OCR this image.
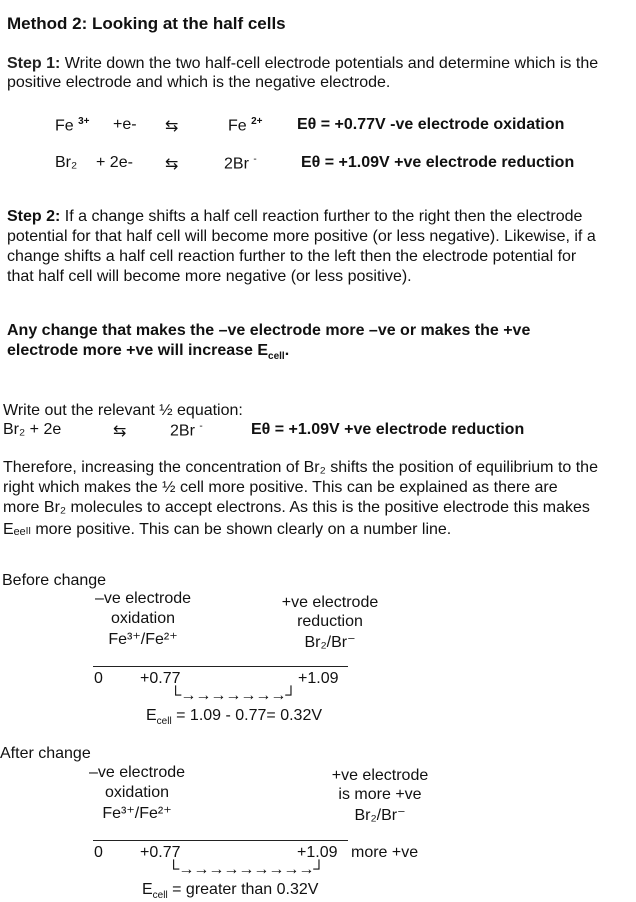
Method 2: Looking at the half cells
Step 1: Write down the two half-cell electrode potentials and determine which is the
positive electrode and which is the negative electrode.
Fe $^{3+}$ +e- ⇆	Fe $^{2+}$ Eθ = +0.77V -ve electrode oxidation
Br₂ + 2e- ⇆	2Br -	Eθ = +1.09V +ve electrode reduction
Step 2: If a change shifts a half cell reaction further to the right then the electrode
potential for that half cell will become more positive (or less negative). Likewise, if a
change shifts a half cell reaction further to the left then the electrode potential for
that half cell will become more negative (or less positive).
Any change that makes the –ve electrode more –ve or makes the +ve
electrode more +ve will increase $E_{cell}$.
Write out the relevant ½ equation:
Br₂ + 2e	⇆	2Br -	Eθ = +1.09V +ve electrode reduction
Therefore, increasing the concentration of Br₂ shifts the position of equilibrium to the
right which makes the ½ cell more positive. This can be explained as there are
more Br₂ molecules to accept electrons. As this is the positive electrode this makes
Eₑₑₗₗ more positive. This can be shown clearly on a number line.
Before change
–ve electrode
oxidation
Fe³⁺/Fe²⁺
+ve electrode
reduction
Br₂/Br⁻
0 +0.77	+1.09
└→→→→→→→┘
$E_{cell} = 1.09 - 0.77= 0.32V$
After change
–ve electrode
oxidation
Fe³⁺/Fe²⁺
+ve electrode
is more +ve
Br₂/Br⁻
0 +0.77	+1.09 more +ve
└→→→→→→→→→┘
$E_{cell}$ = greater than 0.32V
